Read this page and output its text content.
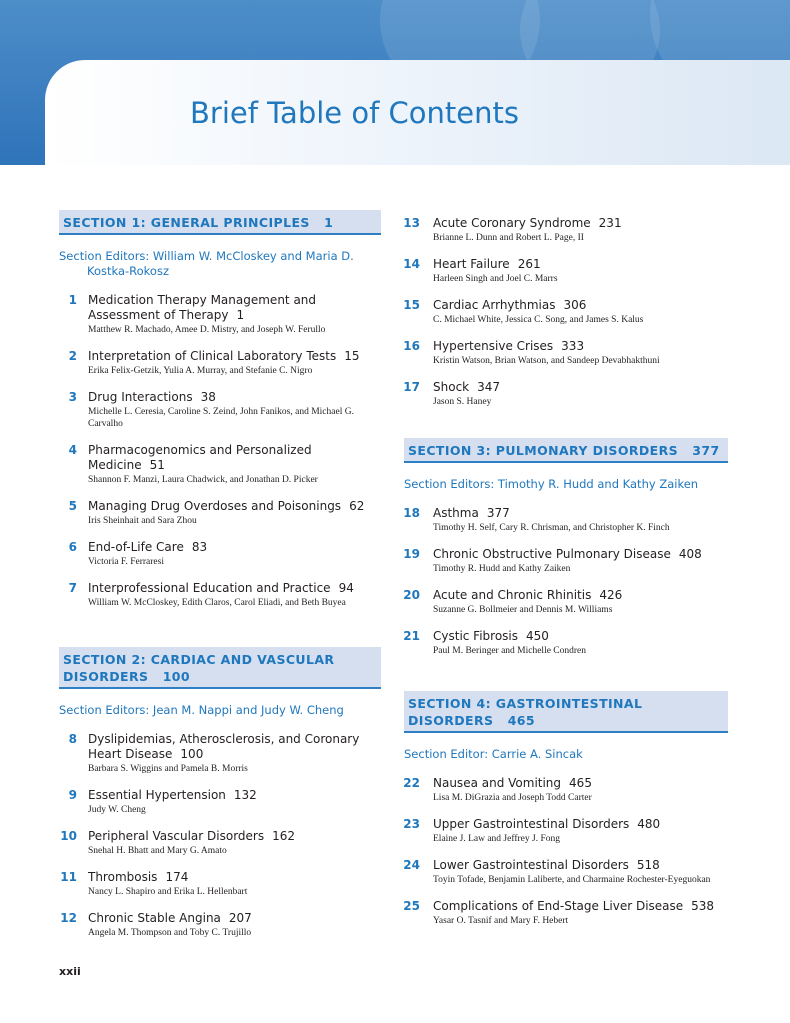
Brief Table of Contents
SECTION 1: GENERAL PRINCIPLES 1
Section Editors: William W. McCloskey and Maria D.
Kostka-Rokosz
1 Medication Therapy Management and Assessment of Therapy 1
Matthew R. Machado, Amee D. Mistry, and Joseph W. Ferullo
2 Interpretation of Clinical Laboratory Tests 15
Erika Felix-Getzik, Yulia A. Murray, and Stefanie C. Nigro
3 Drug Interactions 38
Michelle L. Ceresia, Caroline S. Zeind, John Fanikos, and Michael G. Carvalho
4 Pharmacogenomics and Personalized Medicine 51
Shannon F. Manzi, Laura Chadwick, and Jonathan D. Picker
5 Managing Drug Overdoses and Poisonings 62
Iris Sheinhait and Sara Zhou
6 End-of-Life Care 83
Victoria F. Ferraresi
7 Interprofessional Education and Practice 94
William W. McCloskey, Edith Claros, Carol Eliadi, and Beth Buyea
SECTION 2: CARDIAC AND VASCULAR
DISORDERS 100
Section Editors: Jean M. Nappi and Judy W. Cheng
8 Dyslipidemias, Atherosclerosis, and Coronary Heart Disease 100
Barbara S. Wiggins and Pamela B. Morris
9 Essential Hypertension 132
Judy W. Cheng
10 Peripheral Vascular Disorders 162
Snehal H. Bhatt and Mary G. Amato
11 Thrombosis 174
Nancy L. Shapiro and Erika L. Hellenbart
12 Chronic Stable Angina 207
Angela M. Thompson and Toby C. Trujillo
13 Acute Coronary Syndrome 231
Brianne L. Dunn and Robert L. Page, II
14 Heart Failure 261
Harleen Singh and Joel C. Marrs
15 Cardiac Arrhythmias 306
C. Michael White, Jessica C. Song, and James S. Kalus
16 Hypertensive Crises 333
Kristin Watson, Brian Watson, and Sandeep Devabhakthuni
17 Shock 347
Jason S. Haney
SECTION 3: PULMONARY DISORDERS 377
Section Editors: Timothy R. Hudd and Kathy Zaiken
18 Asthma 377
Timothy H. Self, Cary R. Chrisman, and Christopher K. Finch
19 Chronic Obstructive Pulmonary Disease 408
Timothy R. Hudd and Kathy Zaiken
20 Acute and Chronic Rhinitis 426
Suzanne G. Bollmeier and Dennis M. Williams
21 Cystic Fibrosis 450
Paul M. Beringer and Michelle Condren
SECTION 4: GASTROINTESTINAL
DISORDERS 465
Section Editor: Carrie A. Sincak
22 Nausea and Vomiting 465
Lisa M. DiGrazia and Joseph Todd Carter
23 Upper Gastrointestinal Disorders 480
Elaine J. Law and Jeffrey J. Fong
24 Lower Gastrointestinal Disorders 518
Toyin Tofade, Benjamin Laliberte, and Charmaine Rochester-Eyeguokan
25 Complications of End-Stage Liver Disease 538
Yasar O. Tasnif and Mary F. Hebert

xxii
